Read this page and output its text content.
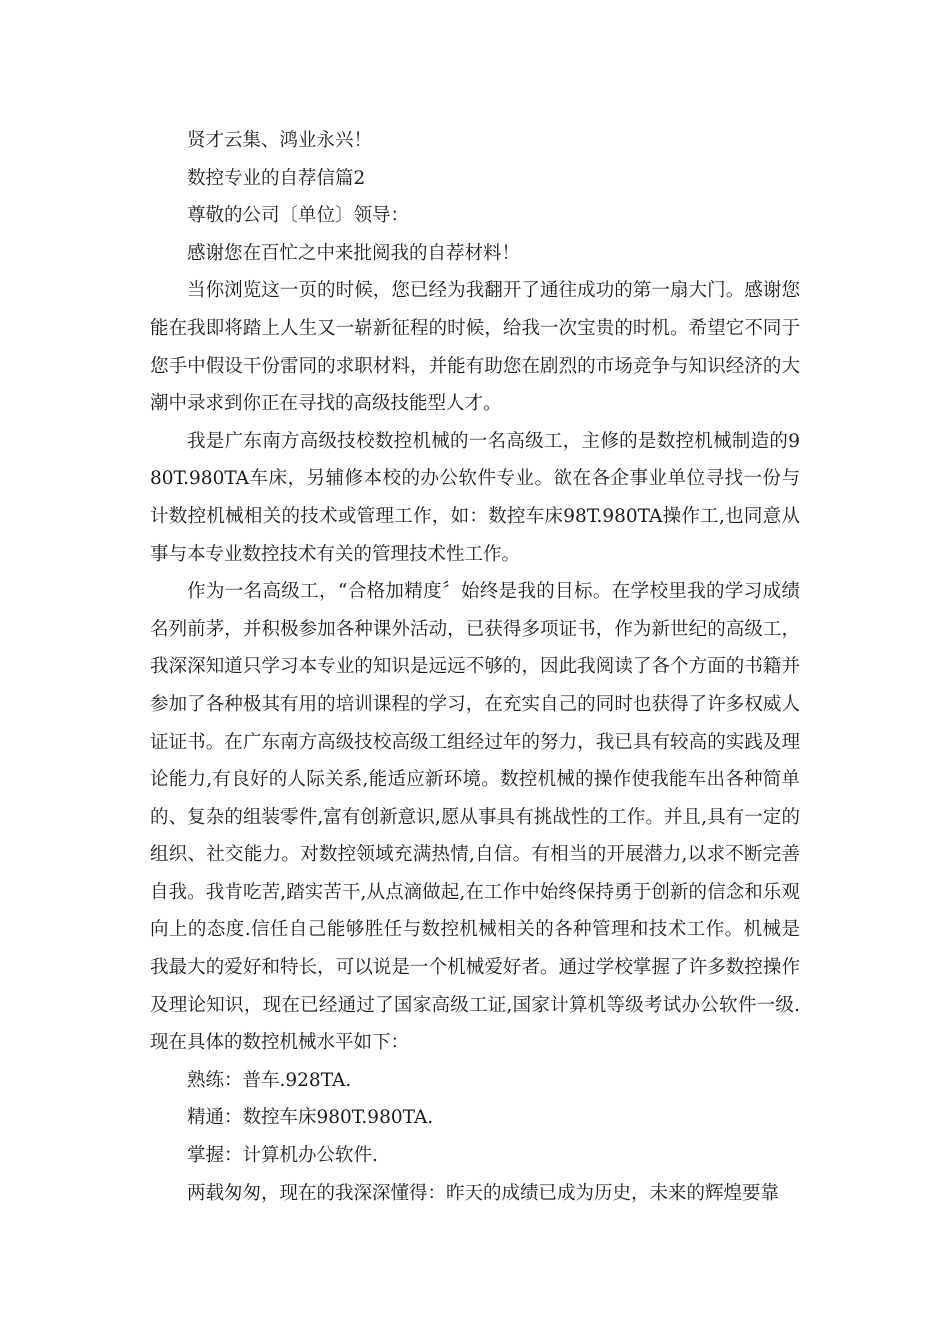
贤才云集、鸿业永兴！

数控专业的自荐信篇2

尊敬的公司〔单位〕领导：

感谢您在百忙之中来批阅我的自荐材料！

当你浏览这一页的时候，您已经为我翻开了通往成功的第一扇大门。感谢您能在我即将踏上人生又一崭新征程的时候，给我一次宝贵的时机。希望它不同于您手中假设干份雷同的求职材料，并能有助您在剧烈的市场竞争与知识经济的大潮中录求到你正在寻找的高级技能型人才。

我是广东南方高级技校数控机械的一名高级工，主修的是数控机械制造的980T.980TA车床，另辅修本校的办公软件专业。欲在各企事业单位寻找一份与计数控机械相关的技术或管理工作，如：数控车床98T.980TA操作工,也同意从事与本专业数控技术有关的管理技术性工作。

作为一名高级工，“合格加精度〞始终是我的目标。在学校里我的学习成绩名列前茅，并积极参加各种课外活动，已获得多项证书，作为新世纪的高级工，我深深知道只学习本专业的知识是远远不够的，因此我阅读了各个方面的书籍并参加了各种极其有用的培训课程的学习，在充实自己的同时也获得了许多权威人证证书。在广东南方高级技校高级工组经过年的努力，我已具有较高的实践及理论能力,有良好的人际关系,能适应新环境。数控机械的操作使我能车出各种简单的、复杂的组装零件,富有创新意识,愿从事具有挑战性的工作。并且,具有一定的组织、社交能力。对数控领域充满热情,自信。有相当的开展潜力,以求不断完善自我。我肯吃苦,踏实苦干,从点滴做起,在工作中始终保持勇于创新的信念和乐观向上的态度.信任自己能够胜任与数控机械相关的各种管理和技术工作。机械是我最大的爱好和特长，可以说是一个机械爱好者。通过学校掌握了许多数控操作及理论知识，现在已经通过了国家高级工证,国家计算机等级考试办公软件一级.现在具体的数控机械水平如下：

熟练：普车.928TA.

精通：数控车床980T.980TA.

掌握：计算机办公软件.

两载匆匆，现在的我深深懂得：昨天的成绩已成为历史，未来的辉煌要靠
